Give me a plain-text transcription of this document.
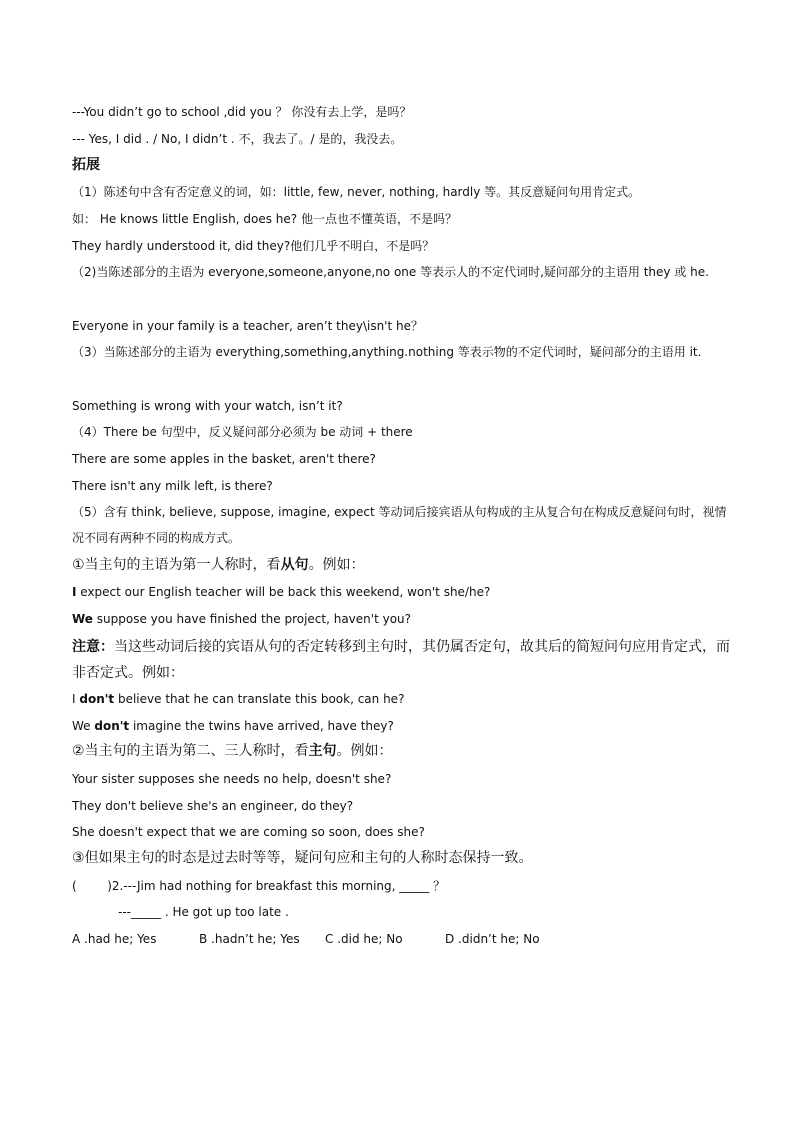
---You didn’t go to school ,did you ？ 你没有去上学，是吗？
--- Yes, I did . / No, I didn’t . 不，我去了。/ 是的，我没去。
拓展
（1）陈述句中含有否定意义的词，如：little, few, never, nothing, hardly 等。其反意疑问句用肯定式。
如： He knows little English, does he? 他一点也不懂英语，不是吗？
They hardly understood it, did they?他们几乎不明白，不是吗？
（2)当陈述部分的主语为 everyone,someone,anyone,no one 等表示人的不定代词时,疑问部分的主语用 they 或 he.
Everyone in your family is a teacher, aren’t they\isn't he？
（3）当陈述部分的主语为 everything,something,anything.nothing 等表示物的不定代词时，疑问部分的主语用 it.
Something is wrong with your watch, isn’t it?
（4）There be 句型中，反义疑问部分必须为 be 动词 + there
There are some apples in the basket, aren't there?
There isn't any milk left, is there?
（5）含有 think, believe, suppose, imagine, expect 等动词后接宾语从句构成的主从复合句在构成反意疑问句时，视情况不同有两种不同的构成方式。
①当主句的主语为第一人称时，看从句。例如：
I expect our English teacher will be back this weekend, won't she/he?
We suppose you have finished the project, haven't you?
注意：当这些动词后接的宾语从句的否定转移到主句时，其仍属否定句，故其后的简短问句应用肯定式，而非否定式。例如：
I don't believe that he can translate this book, can he?
We don't imagine the twins have arrived, have they?
②当主句的主语为第二、三人称时，看主句。例如：
Your sister supposes she needs no help, doesn't she?
They don't believe she's an engineer, do they?
She doesn't expect that we are coming so soon, does she?
③但如果主句的时态是过去时等等，疑问句应和主句的人称时态保持一致。
(        )2.---Jim had nothing for breakfast this morning, _____ ？
---_____ . He got up too late .
A .had he; Yes	B .hadn’t he; Yes C .did he; No	D .didn’t he; No
